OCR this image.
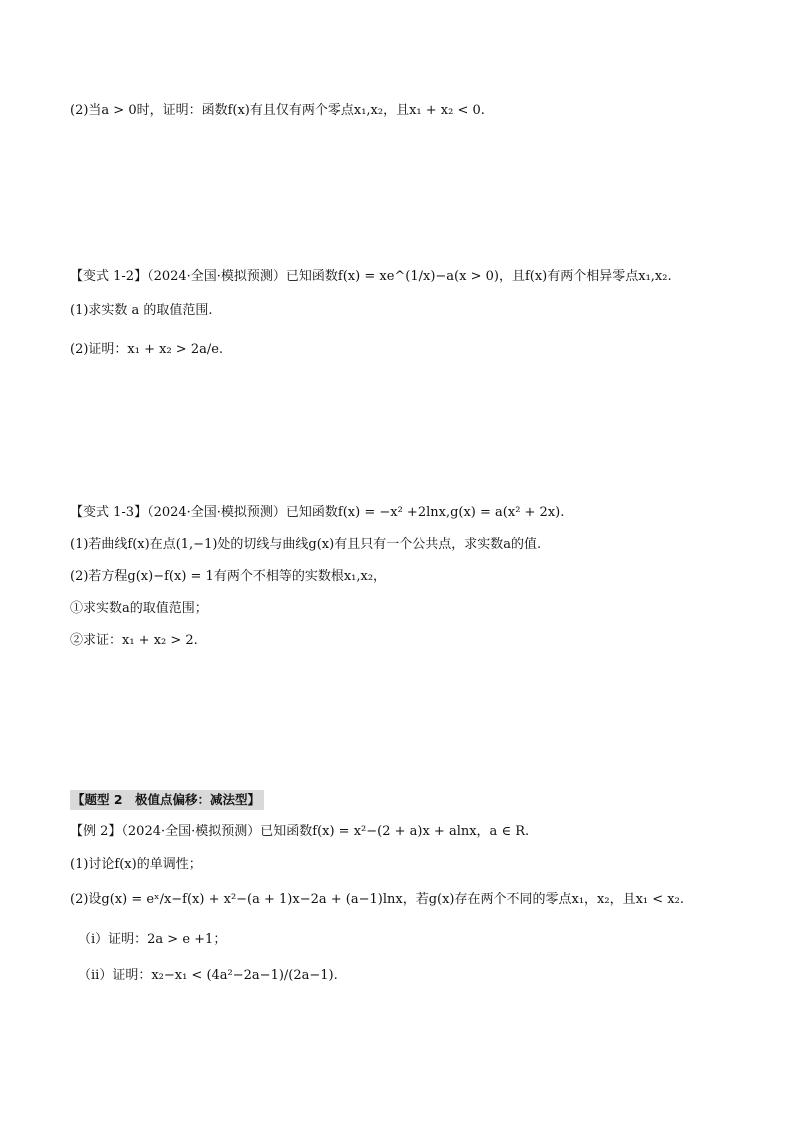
(2)当a > 0时，证明：函数f(x)有且仅有两个零点x₁,x₂，且x₁ + x₂ < 0.
【变式 1-2】（2024·全国·模拟预测）已知函数f(x) = xe^(1/x)−a(x > 0)，且f(x)有两个相异零点x₁,x₂.
(1)求实数 a 的取值范围.
(2)证明：x₁ + x₂ > 2a/e.
【变式 1-3】（2024·全国·模拟预测）已知函数f(x) = −x² +2lnx,g(x) = a(x² + 2x).
(1)若曲线f(x)在点(1,−1)处的切线与曲线g(x)有且只有一个公共点，求实数a的值.
(2)若方程g(x)−f(x) = 1有两个不相等的实数根x₁,x₂，
①求实数a的取值范围；
②求证：x₁ + x₂ > 2.
【题型 2　极值点偏移：减法型】
【例 2】（2024·全国·模拟预测）已知函数f(x) = x²−(2 + a)x + alnx，a ∈ R.
(1)讨论f(x)的单调性；
(2)设g(x) = eˣ/x−f(x) + x²−(a + 1)x−2a + (a−1)lnx，若g(x)存在两个不同的零点x₁，x₂，且x₁ < x₂.
（i）证明：2a > e +1；
（ii）证明：x₂−x₁ < (4a²−2a−1)/(2a−1).
